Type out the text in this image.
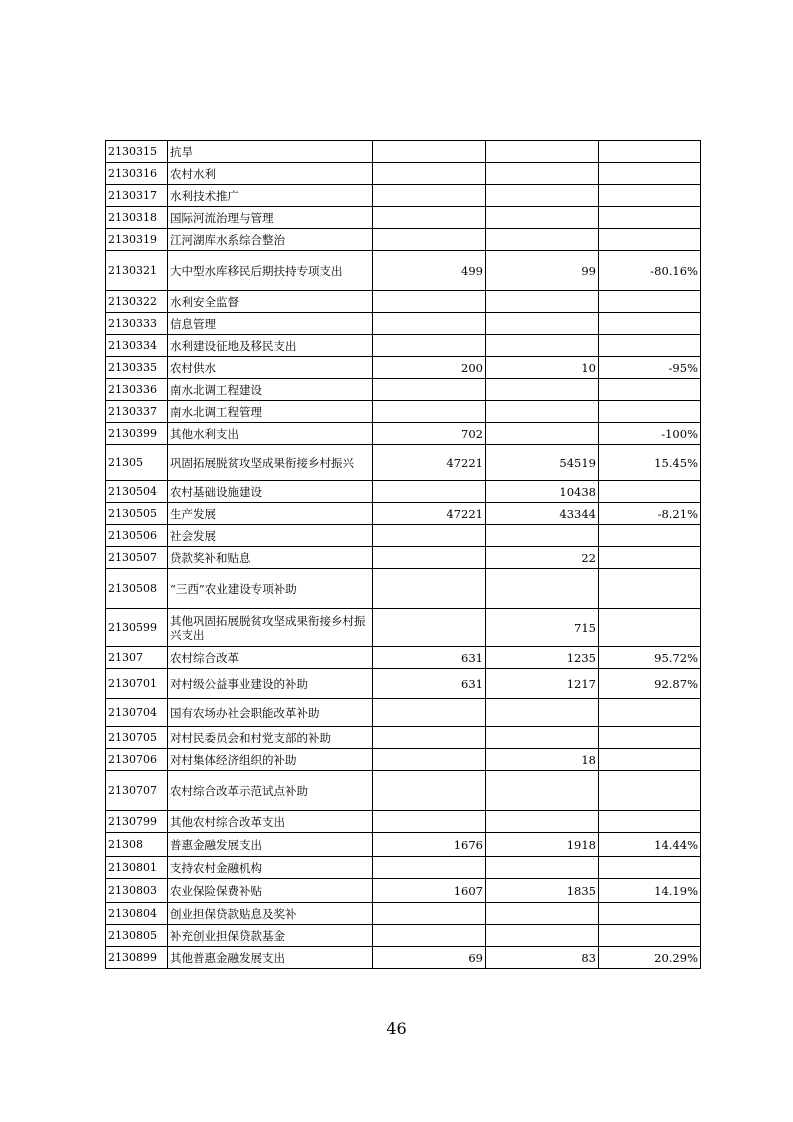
2130315	抗旱			
2130316	农村水利			
2130317	水利技术推广			
2130318	国际河流治理与管理			
2130319	江河湖库水系综合整治			
2130321	大中型水库移民后期扶持专项支出	499	99	-80.16%
2130322	水利安全监督			
2130333	信息管理			
2130334	水利建设征地及移民支出			
2130335	农村供水	200	10	-95%
2130336	南水北调工程建设			
2130337	南水北调工程管理			
2130399	其他水利支出	702		-100%
21305	巩固拓展脱贫攻坚成果衔接乡村振兴	47221	54519	15.45%
2130504	农村基础设施建设		10438	
2130505	生产发展	47221	43344	-8.21%
2130506	社会发展			
2130507	贷款奖补和贴息		22	
2130508	“三西”农业建设专项补助			
2130599	其他巩固拓展脱贫攻坚成果衔接乡村振兴支出		715	
21307	农村综合改革	631	1235	95.72%
2130701	对村级公益事业建设的补助	631	1217	92.87%
2130704	国有农场办社会职能改革补助			
2130705	对村民委员会和村党支部的补助			
2130706	对村集体经济组织的补助		18	
2130707	农村综合改革示范试点补助			
2130799	其他农村综合改革支出			
21308	普惠金融发展支出	1676	1918	14.44%
2130801	支持农村金融机构			
2130803	农业保险保费补贴	1607	1835	14.19%
2130804	创业担保贷款贴息及奖补			
2130805	补充创业担保贷款基金			
2130899	其他普惠金融发展支出	69	83	20.29%
46
